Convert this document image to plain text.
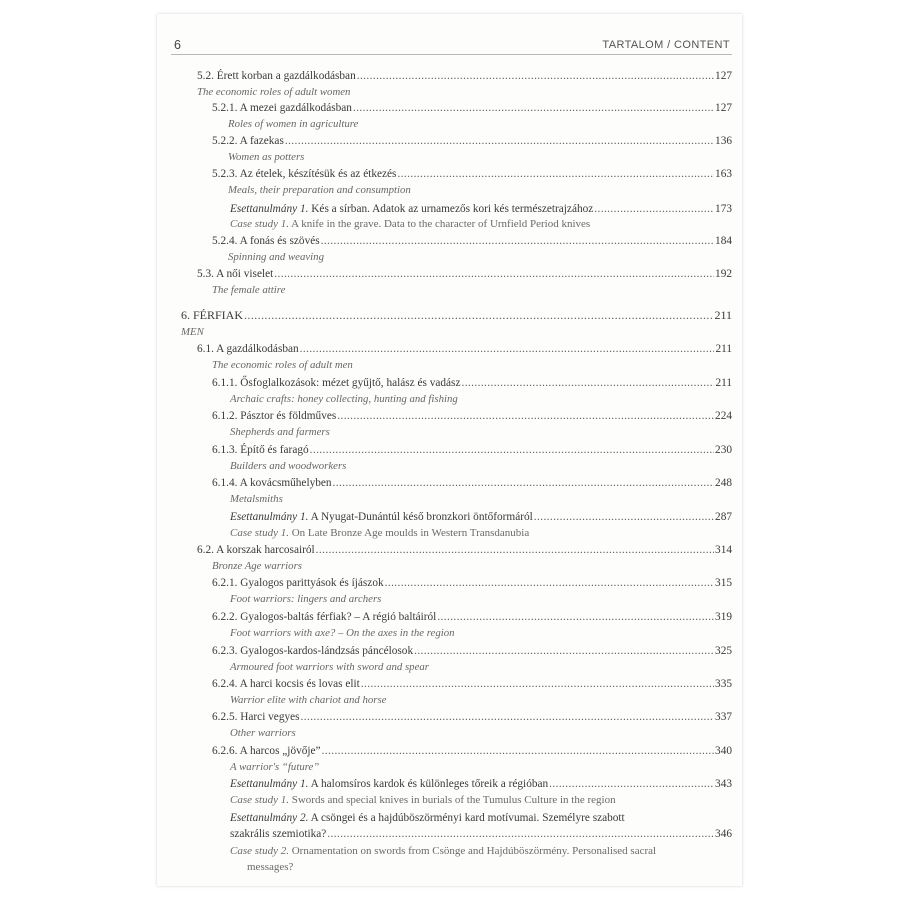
6	TARTALOM / CONTENT
5.2. Érett korban a gazdálkodásban .....	127
The economic roles of adult women
5.2.1. A mezei gazdálkodásban .....	127
Roles of women in agriculture
5.2.2. A fazekas .....	136
Women as potters
5.2.3. Az ételek, készítésük és az étkezés .....	163
Meals, their preparation and consumption
Esettanulmány 1. Kés a sírban. Adatok az urnamezős kori kés természetrajzához .....	173
Case study 1. A knife in the grave. Data to the character of Urnfield Period knives
5.2.4. A fonás és szövés .....	184
Spinning and weaving
5.3. A női viselet .....	192
The female attire
6. FÉRFIAK .....	211
MEN
6.1. A gazdálkodásban .....	211
The economic roles of adult men
6.1.1. Ősfoglalkozások: mézet gyűjtő, halász és vadász .....	211
Archaic crafts: honey collecting, hunting and fishing
6.1.2. Pásztor és földműves .....	224
Shepherds and farmers
6.1.3. Építő és faragó .....	230
Builders and woodworkers
6.1.4. A kovácsműhelyben .....	248
Metalsmiths
Esettanulmány 1. A Nyugat-Dunántúl késő bronzkori öntőformáról .....	287
Case study 1. On Late Bronze Age moulds in Western Transdanubia
6.2. A korszak harcosairól .....	314
Bronze Age warriors
6.2.1. Gyalogos parittyások és íjászok .....	315
Foot warriors: lingers and archers
6.2.2. Gyalogos-baltás férfiak? – A régió baltáiról .....	319
Foot warriors with axe? – On the axes in the region
6.2.3. Gyalogos-kardos-lándzsás páncélosok .....	325
Armoured foot warriors with sword and spear
6.2.4. A harci kocsis és lovas elit .....	335
Warrior elite with chariot and horse
6.2.5. Harci vegyes .....	337
Other warriors
6.2.6. A harcos „jövője” .....	340
A warrior's “future”
Esettanulmány 1. A halomsíros kardok és különleges tőreik a régióban .....	343
Case study 1. Swords and special knives in burials of the Tumulus Culture in the region
Esettanulmány 2. A csöngei és a hajdúböszörményi kard motívumai. Személyre szabott
szakrális szemiotika? .....	346
Case study 2. Ornamentation on swords from Csönge and Hajdúböszörmény. Personalised sacral
messages?
